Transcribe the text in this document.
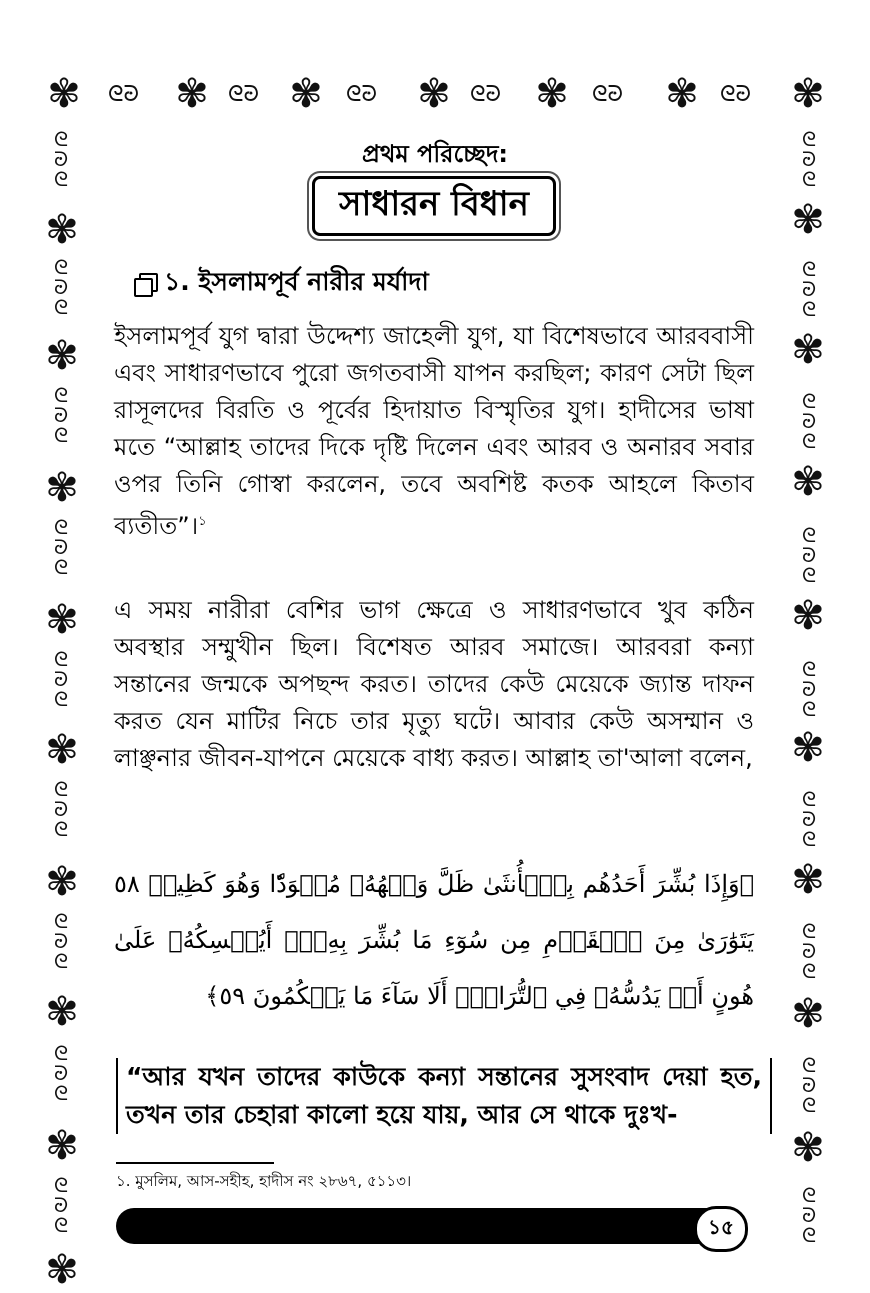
✾ ✾ ✾ ✾ ✾ ✾ ✾
ᘓᘒ	ᘓᘒ	ᘓᘒ	ᘓᘒ	ᘓᘒ	ᘓᘒ
✾
✾
✾
✾
✾
✾
✾
✾
✾
ᘓᘒᘓ
ᘓᘒᘓ
ᘓᘒᘓ
ᘓᘒᘓ
ᘓᘒᘓ
ᘓᘒᘓ
ᘓᘒᘓ
ᘓᘒᘓ
ᘓᘒᘓ
✾
✾
✾
✾
✾
✾
✾
✾
ᘓᘒᘓ
ᘓᘒᘓ
ᘓᘒᘓ
ᘓᘒᘓ
ᘓᘒᘓ
ᘓᘒᘓ
ᘓᘒᘓ
ᘓᘒᘓ
ᘓᘒᘓ
প্রথম পরিচ্ছেদ:
সাধারন বিধান
১. ইসলামপূর্ব নারীর মর্যাদা
ইসলামপূর্ব যুগ দ্বারা উদ্দেশ্য জাহেলী যুগ, যা বিশেষভাবে আরববাসী এবং সাধারণভাবে পুরো জগতবাসী যাপন করছিল; কারণ সেটা ছিল রাসূলদের বিরতি ও পূর্বের হিদায়াত বিস্মৃতির যুগ। হাদীসের ভাষা মতে “আল্লাহ তাদের দিকে দৃষ্টি দিলেন এবং আরব ও অনারব সবার ওপর তিনি গোস্বা করলেন, তবে অবশিষ্ট কতক আহলে কিতাব ব্যতীত”।$^১$
এ সময় নারীরা বেশির ভাগ ক্ষেত্রে ও সাধারণভাবে খুব কঠিন অবস্থার সম্মুখীন ছিল। বিশেষত আরব সমাজে। আরবরা কন্যা সন্তানের জন্মকে অপছন্দ করত। তাদের কেউ মেয়েকে জ্যান্ত দাফন করত যেন মাটির নিচে তার মৃত্যু ঘটে। আবার কেউ অসম্মান ও লাঞ্ছনার জীবন-যাপনে মেয়েকে বাধ্য করত। আল্লাহ তা'আলা বলেন,
﴿وَإِذَا بُشِّرَ أَحَدُهُم بِٱلۡأُنثَىٰ ظَلَّ وَجۡهُهُۥ مُسۡوَدّٗا وَهُوَ كَظِيمٞ ٥٨ يَتَوَٰرَىٰ مِنَ ٱلۡقَوۡمِ مِن سُوٓءِ مَا بُشِّرَ بِهِۦٓۚ أَيُمۡسِكُهُۥ عَلَىٰ هُونٍ أَمۡ يَدُسُّهُۥ فِي ٱلتُّرَابِۗ أَلَا سَآءَ مَا يَحۡكُمُونَ ٥٩﴾
“আর যখন তাদের কাউকে কন্যা সন্তানের সুসংবাদ দেয়া হত, তখন তার চেহারা কালো হয়ে যায়, আর সে থাকে দুঃখ-
১. মুসলিম, আস-সহীহ, হাদীস নং ২৮৬৭, ৫১১৩।
১৫
